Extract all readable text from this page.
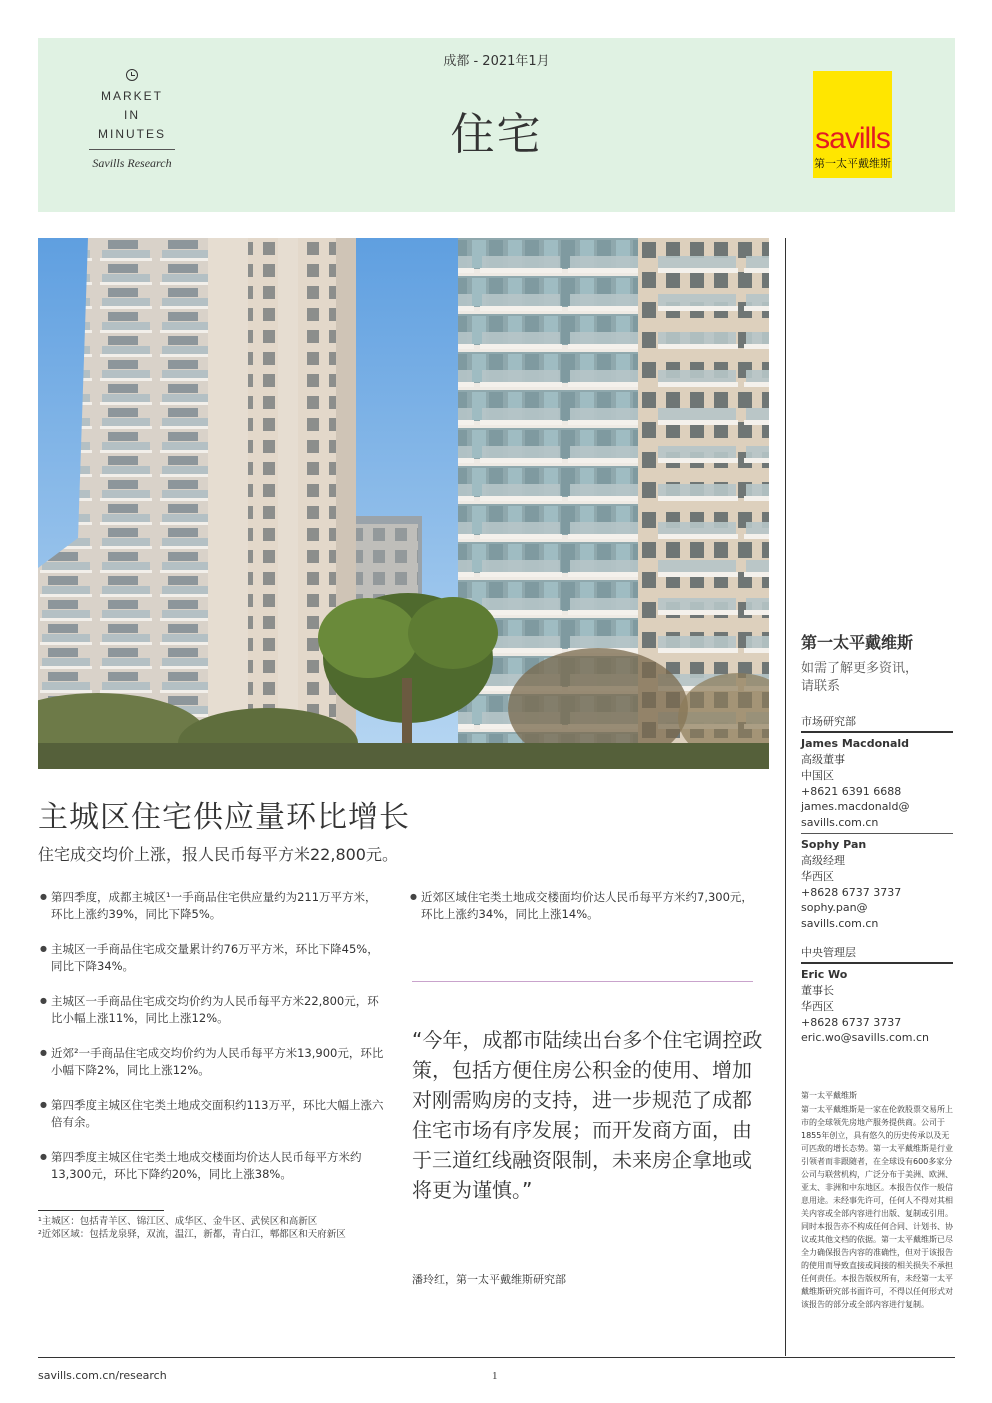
MARKET
IN
MINUTES
Savills Research
成都 - 2021年1月
住宅	savills
第一太平戴维斯
主城区住宅供应量环比增长
住宅成交均价上涨，报人民币每平方米22,800元。
● 第四季度，成都主城区¹一手商品住宅供应量约为211万平方米，环比上涨约39%，同比下降5%。
● 主城区一手商品住宅成交量累计约76万平方米，环比下降45%，同比下降34%。
● 主城区一手商品住宅成交均价约为人民币每平方米22,800元，环比小幅上涨11%，同比上涨12%。
● 近郊²一手商品住宅成交均价约为人民币每平方米13,900元，环比小幅下降2%，同比上涨12%。
● 第四季度主城区住宅类土地成交面积约113万平，环比大幅上涨六倍有余。
● 第四季度主城区住宅类土地成交楼面均价达人民币每平方米约13,300元，环比下降约20%，同比上涨38%。
● 近郊区域住宅类土地成交楼面均价达人民币每平方米约7,300元，环比上涨约34%，同比上涨14%。
¹主城区：包括青羊区、锦江区、成华区、金牛区、武侯区和高新区
²近郊区域：包括龙泉驿，双流，温江，新都，青白江，郫都区和天府新区
“今年，成都市陆续出台多个住宅调控政策，包括方便住房公积金的使用、增加对刚需购房的支持，进一步规范了成都住宅市场有序发展；而开发商方面，由于三道红线融资限制，未来房企拿地或将更为谨慎。”
潘玲红，第一太平戴维斯研究部
第一太平戴维斯
如需了解更多资讯，
请联系
市场研究部
James Macdonald
高级董事
中国区
+8621 6391 6688
james.macdonald@
savills.com.cn
Sophy Pan
高级经理
华西区
+8628 6737 3737
sophy.pan@
savills.com.cn
中央管理层
Eric Wo
董事长
华西区
+8628 6737 3737
eric.wo@savills.com.cn
第一太平戴维斯
第一太平戴维斯是一家在伦敦股票交易所上市的全球领先房地产服务提供商。公司于1855年创立，具有悠久的历史传承以及无可匹敌的增长态势。第一太平戴维斯是行业引领者而非跟随者，在全球设有600多家分公司与联营机构，广泛分布于美洲、欧洲、亚太、非洲和中东地区。本报告仅作一般信息用途。未经事先许可，任何人不得对其相关内容或全部内容进行出版、复制或引用。同时本报告亦不构成任何合同、计划书、协议或其他文档的依据。第一太平戴维斯已尽全力确保报告内容的准确性，但对于该报告的使用而导致直接或间接的相关损失不承担任何责任。本报告版权所有，未经第一太平戴维斯研究部书面许可，不得以任何形式对该报告的部分或全部内容进行复制。
savills.com.cn/research	1
